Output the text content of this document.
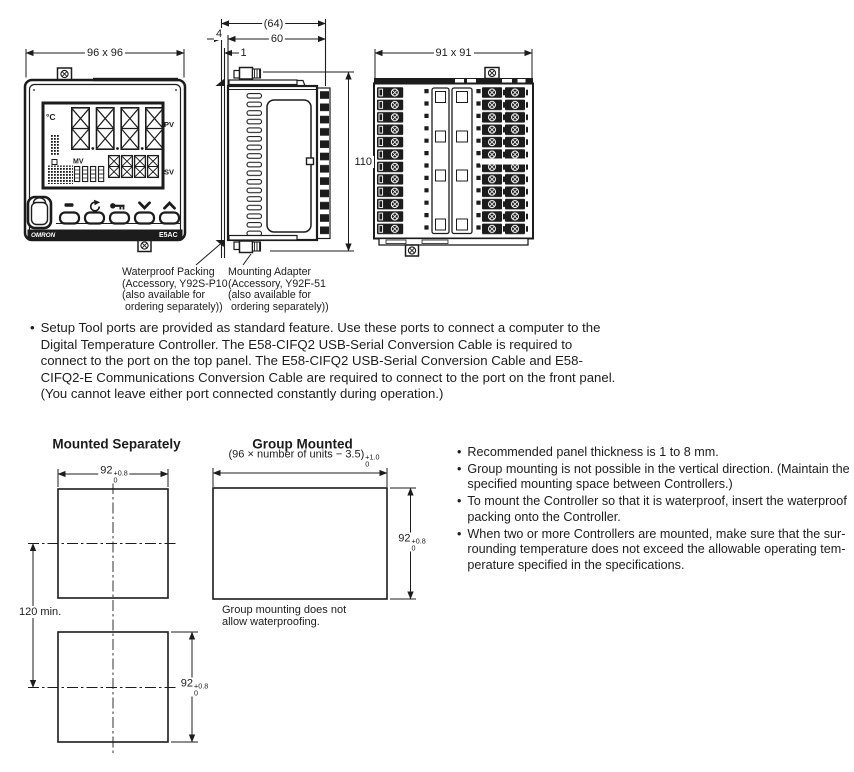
°C
PV
MV
SV
OMRON	E5AC
96 x 96
(64)
60
4
1
110
91 x 91
Waterproof Packing
(Accessory, Y92S-P10
(also available for
ordering separately))
Mounting Adapter
(Accessory, Y92F-51
(also available for
ordering separately))
• Setup Tool ports are provided as standard feature. Use these ports to connect a computer to the
Digital Temperature Controller. The E58-CIFQ2 USB-Serial Conversion Cable is required to
connect to the port on the top panel. The E58-CIFQ2 USB-Serial Conversion Cable and E58-
CIFQ2-E Communications Conversion Cable are required to connect to the port on the front panel.
(You cannot leave either port connected constantly during operation.)
Mounted Separately	Group Mounted
(96 × number of units − 3.5) +1.0
0
92 +0.8
0
92 +0.8
0
120 min.
92 +0.8
0
Group mounting does not
allow waterproofing.
• Recommended panel thickness is 1 to 8 mm.
• Group mounting is not possible in the vertical direction. (Maintain the
specified mounting space between Controllers.)
• To mount the Controller so that it is waterproof, insert the waterproof
packing onto the Controller.
• When two or more Controllers are mounted, make sure that the sur-
rounding temperature does not exceed the allowable operating tem-
perature specified in the specifications.
